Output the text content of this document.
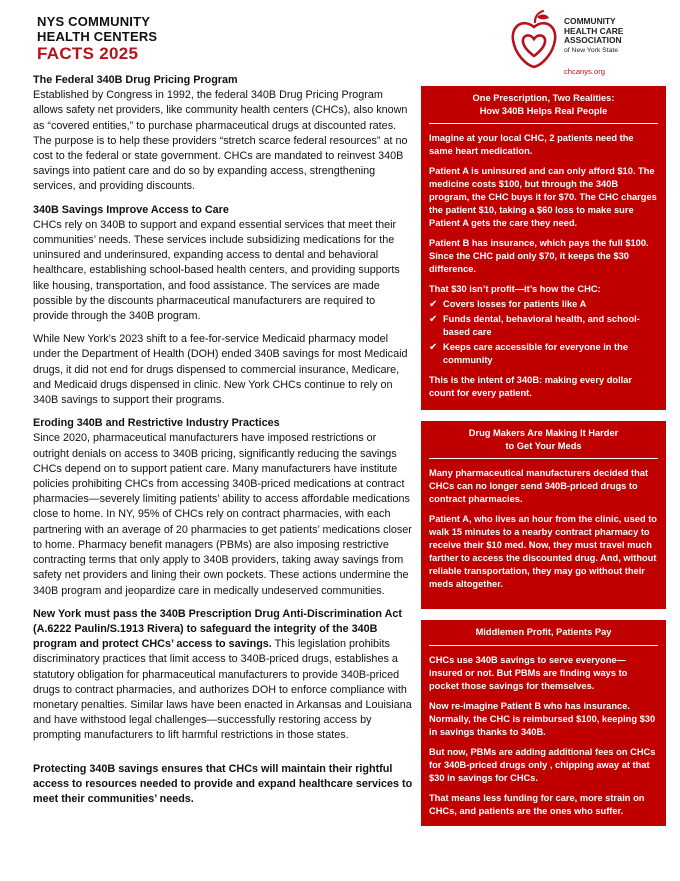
NYS COMMUNITY
HEALTH CENTERS
FACTS 2025
COMMUNITY
HEALTH CARE
ASSOCIATION
of New York State
chcanys.org
The Federal 340B Drug Pricing Program

Established by Congress in 1992, the federal 340B Drug Pricing Program allows safety net providers, like community health centers (CHCs), also known as “covered entities,” to purchase pharmaceutical drugs at discounted rates. The purpose is to help these providers “stretch scarce federal resources” at no cost to the federal or state government. CHCs are mandated to reinvest 340B savings into patient care and do so by expanding access, strengthening services, and providing discounts.

340B Savings Improve Access to Care

CHCs rely on 340B to support and expand essential services that meet their communities’ needs. These services include subsidizing medications for the uninsured and underinsured, expanding access to dental and behavioral healthcare, establishing school-based health centers, and providing supports like housing, transportation, and food assistance. The services are made possible by the discounts pharmaceutical manufacturers are required to provide through the 340B program.

While New York’s 2023 shift to a fee-for-service Medicaid pharmacy model under the Department of Health (DOH) ended 340B savings for most Medicaid drugs, it did not end for drugs dispensed to commercial insurance, Medicare, and Medicaid drugs dispensed in clinic. New York CHCs continue to rely on 340B savings to support their programs.

Eroding 340B and Restrictive Industry Practices

Since 2020, pharmaceutical manufacturers have imposed restrictions or outright denials on access to 340B pricing, significantly reducing the savings CHCs depend on to support patient care. Many manufacturers have institute policies prohibiting CHCs from accessing 340B-priced medications at contract pharmacies—severely limiting patients’ ability to access affordable medications close to home. In NY, 95% of CHCs rely on contract pharmacies, with each partnering with an average of 20 pharmacies to get patients’ medications closer to home. Pharmacy benefit managers (PBMs) are also imposing restrictive contracting terms that only apply to 340B providers, taking away savings from safety net providers and lining their own pockets. These actions undermine the 340B program and jeopardize care in medically undeserved communities.

New York must pass the 340B Prescription Drug Anti-Discrimination Act (A.6222 Paulin/S.1913 Rivera) to safeguard the integrity of the 340B program and protect CHCs’ access to savings. This legislation prohibits discriminatory practices that limit access to 340B-priced drugs, establishes a statutory obligation for pharmaceutical manufacturers to provide 340B-priced drugs to contract pharmacies, and authorizes DOH to enforce compliance with monetary penalties. Similar laws have been enacted in Arkansas and Louisiana and have withstood legal challenges—successfully restoring access by prompting manufacturers to lift harmful restrictions in those states.

Protecting 340B savings ensures that CHCs will maintain their rightful access to resources needed to provide and expand healthcare services to meet their communities’ needs.

One Prescription, Two Realities:
How 340B Helps Real People

Imagine at your local CHC, 2 patients need the same heart medication.

Patient A is uninsured and can only afford $10. The medicine costs $100, but through the 340B program, the CHC buys it for $70. The CHC charges the patient $10, taking a $60 loss to make sure Patient A gets the care they need.

Patient B has insurance, which pays the full $100. Since the CHC paid only $70, it keeps the $30 difference.

That $30 isn’t profit—it’s how the CHC:

✔ Covers losses for patients like A
✔ Funds dental, behavioral health, and school-based care
✔ Keeps care accessible for everyone in the community

This is the intent of 340B: making every dollar count for every patient.

Drug Makers Are Making It Harder
to Get Your Meds

Many pharmaceutical manufacturers decided that CHCs can no longer send 340B-priced drugs to contract pharmacies.

Patient A, who lives an hour from the clinic, used to walk 15 minutes to a nearby contract pharmacy to receive their $10 med. Now, they must travel much farther to access the discounted drug. And, without reliable transportation, they may go without their meds altogether.

Middlemen Profit, Patients Pay

CHCs use 340B savings to serve everyone—insured or not. But PBMs are finding ways to pocket those savings for themselves.

Now re-imagine Patient B who has insurance. Normally, the CHC is reimbursed $100, keeping $30 in savings thanks to 340B.

But now, PBMs are adding additional fees on CHCs for 340B-priced drugs only , chipping away at that $30 in savings for CHCs.

That means less funding for care, more strain on CHCs, and patients are the ones who suffer.
